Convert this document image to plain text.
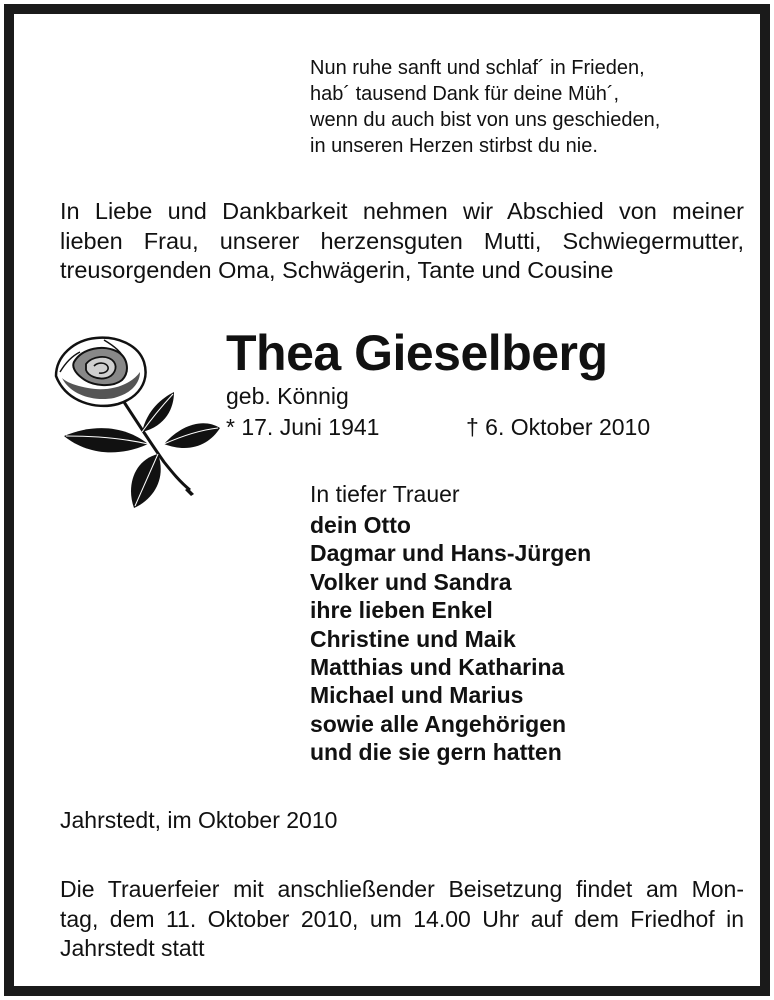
Nun ruhe sanft und schlaf´ in Frieden,
hab´ tausend Dank für deine Müh´,
wenn du auch bist von uns geschieden,
in unseren Herzen stirbst du nie.
In Liebe und Dankbarkeit nehmen wir Abschied von meiner
lieben Frau, unserer herzensguten Mutti, Schwiegermutter,
treusorgenden Oma, Schwägerin, Tante und Cousine
Thea Gieselberg
geb. Könnig
* 17. Juni 1941	† 6. Oktober 2010
In tiefer Trauer
dein Otto
Dagmar und Hans-Jürgen
Volker und Sandra
ihre lieben Enkel
Christine und Maik
Matthias und Katharina
Michael und Marius
sowie alle Angehörigen
und die sie gern hatten
Jahrstedt, im Oktober 2010
Die Trauerfeier mit anschließender Beisetzung findet am Mon-
tag, dem 11. Oktober 2010, um 14.00 Uhr auf dem Friedhof in
Jahrstedt statt
